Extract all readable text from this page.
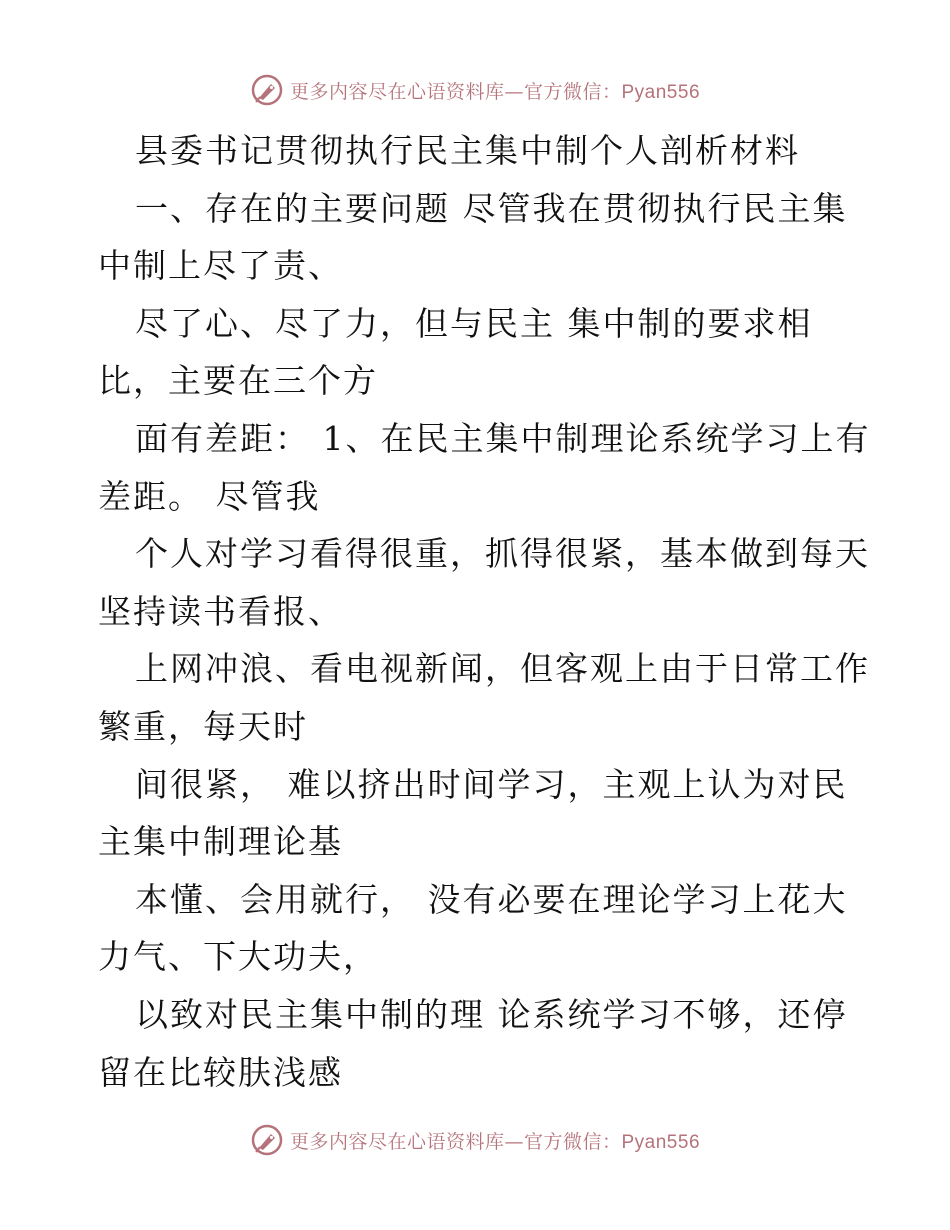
更多内容尽在心语资料库—官方微信：Pyan556
县委书记贯彻执行民主集中制个人剖析材料
一、存在的主要问题 尽管我在贯彻执行民主集
中制上尽了责、
尽了心、尽了力，但与民主 集中制的要求相
比，主要在三个方
面有差距： 1、在民主集中制理论系统学习上有
差距。 尽管我
个人对学习看得很重，抓得很紧，基本做到每天
坚持读书看报、
上网冲浪、看电视新闻，但客观上由于日常工作
繁重，每天时
间很紧， 难以挤出时间学习，主观上认为对民
主集中制理论基
本懂、会用就行， 没有必要在理论学习上花大
力气、下大功夫，
以致对民主集中制的理 论系统学习不够，还停
留在比较肤浅感
更多内容尽在心语资料库—官方微信：Pyan556
